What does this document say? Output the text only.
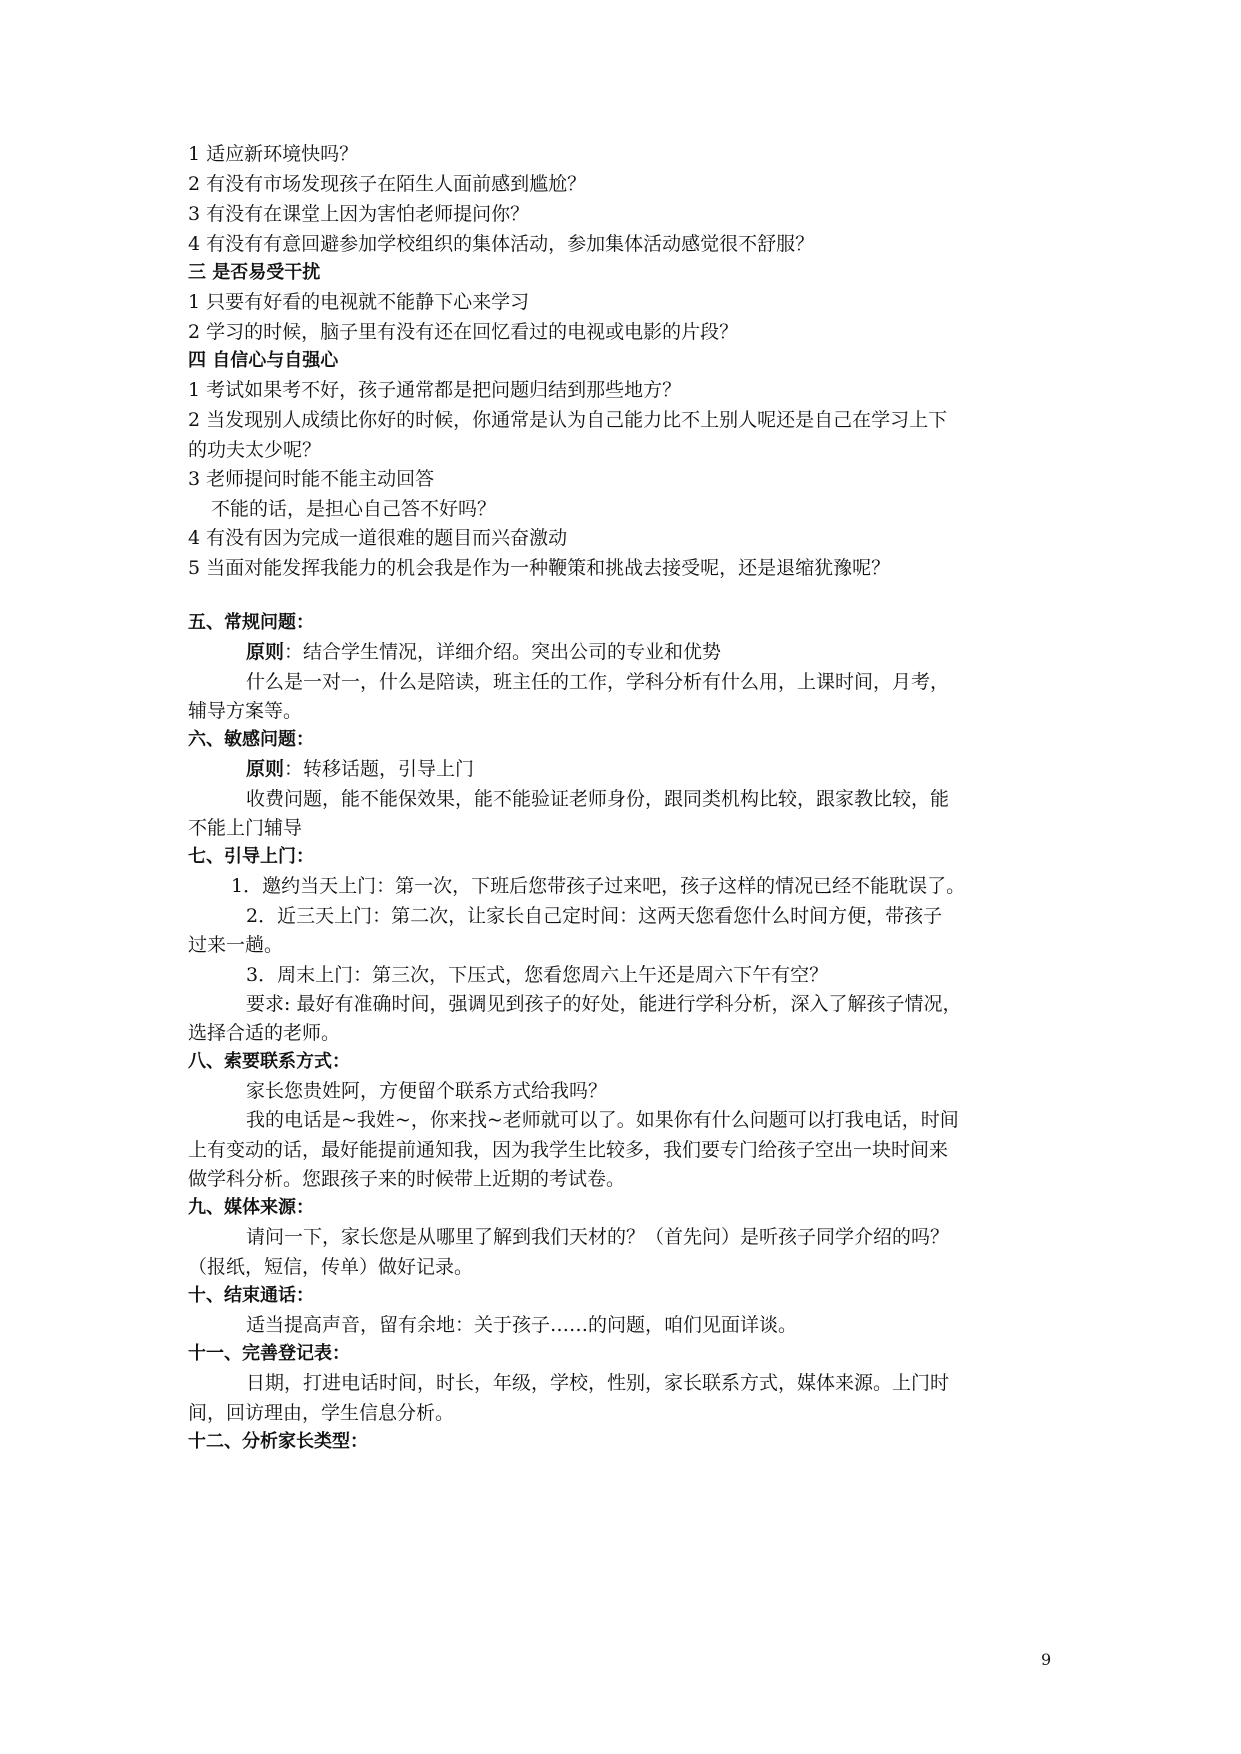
1 适应新环境快吗？
2 有没有市场发现孩子在陌生人面前感到尴尬？
3 有没有在课堂上因为害怕老师提问你？
4 有没有有意回避参加学校组织的集体活动，参加集体活动感觉很不舒服？
三 是否易受干扰
1 只要有好看的电视就不能静下心来学习
2 学习的时候，脑子里有没有还在回忆看过的电视或电影的片段？
四 自信心与自强心
1 考试如果考不好，孩子通常都是把问题归结到那些地方？
2 当发现别人成绩比你好的时候，你通常是认为自己能力比不上别人呢还是自己在学习上下
的功夫太少呢？
3 老师提问时能不能主动回答
不能的话，是担心自己答不好吗？
4 有没有因为完成一道很难的题目而兴奋激动
5 当面对能发挥我能力的机会我是作为一种鞭策和挑战去接受呢，还是退缩犹豫呢？
五、常规问题：
原则：结合学生情况，详细介绍。突出公司的专业和优势
什么是一对一，什么是陪读，班主任的工作，学科分析有什么用，上课时间，月考，
辅导方案等。
六、敏感问题：
原则：转移话题，引导上门
收费问题，能不能保效果，能不能验证老师身份，跟同类机构比较，跟家教比较，能
不能上门辅导
七、引导上门：
1．邀约当天上门：第一次，下班后您带孩子过来吧，孩子这样的情况已经不能耽误了。
2．近三天上门：第二次，让家长自己定时间：这两天您看您什么时间方便，带孩子
过来一趟。
3．周末上门：第三次，下压式，您看您周六上午还是周六下午有空？
要求: 最好有准确时间，强调见到孩子的好处，能进行学科分析，深入了解孩子情况，
选择合适的老师。
八、索要联系方式：
家长您贵姓阿，方便留个联系方式给我吗？
我的电话是~我姓~，你来找~老师就可以了。如果你有什么问题可以打我电话，时间
上有变动的话，最好能提前通知我，因为我学生比较多，我们要专门给孩子空出一块时间来
做学科分析。您跟孩子来的时候带上近期的考试卷。
九、媒体来源：
请问一下，家长您是从哪里了解到我们天材的？（首先问）是听孩子同学介绍的吗？
（报纸，短信，传单）做好记录。
十、结束通话：
适当提高声音，留有余地：关于孩子……的问题，咱们见面详谈。
十一、完善登记表：
日期，打进电话时间，时长，年级，学校，性别，家长联系方式，媒体来源。上门时
间，回访理由，学生信息分析。
十二、分析家长类型：
9
